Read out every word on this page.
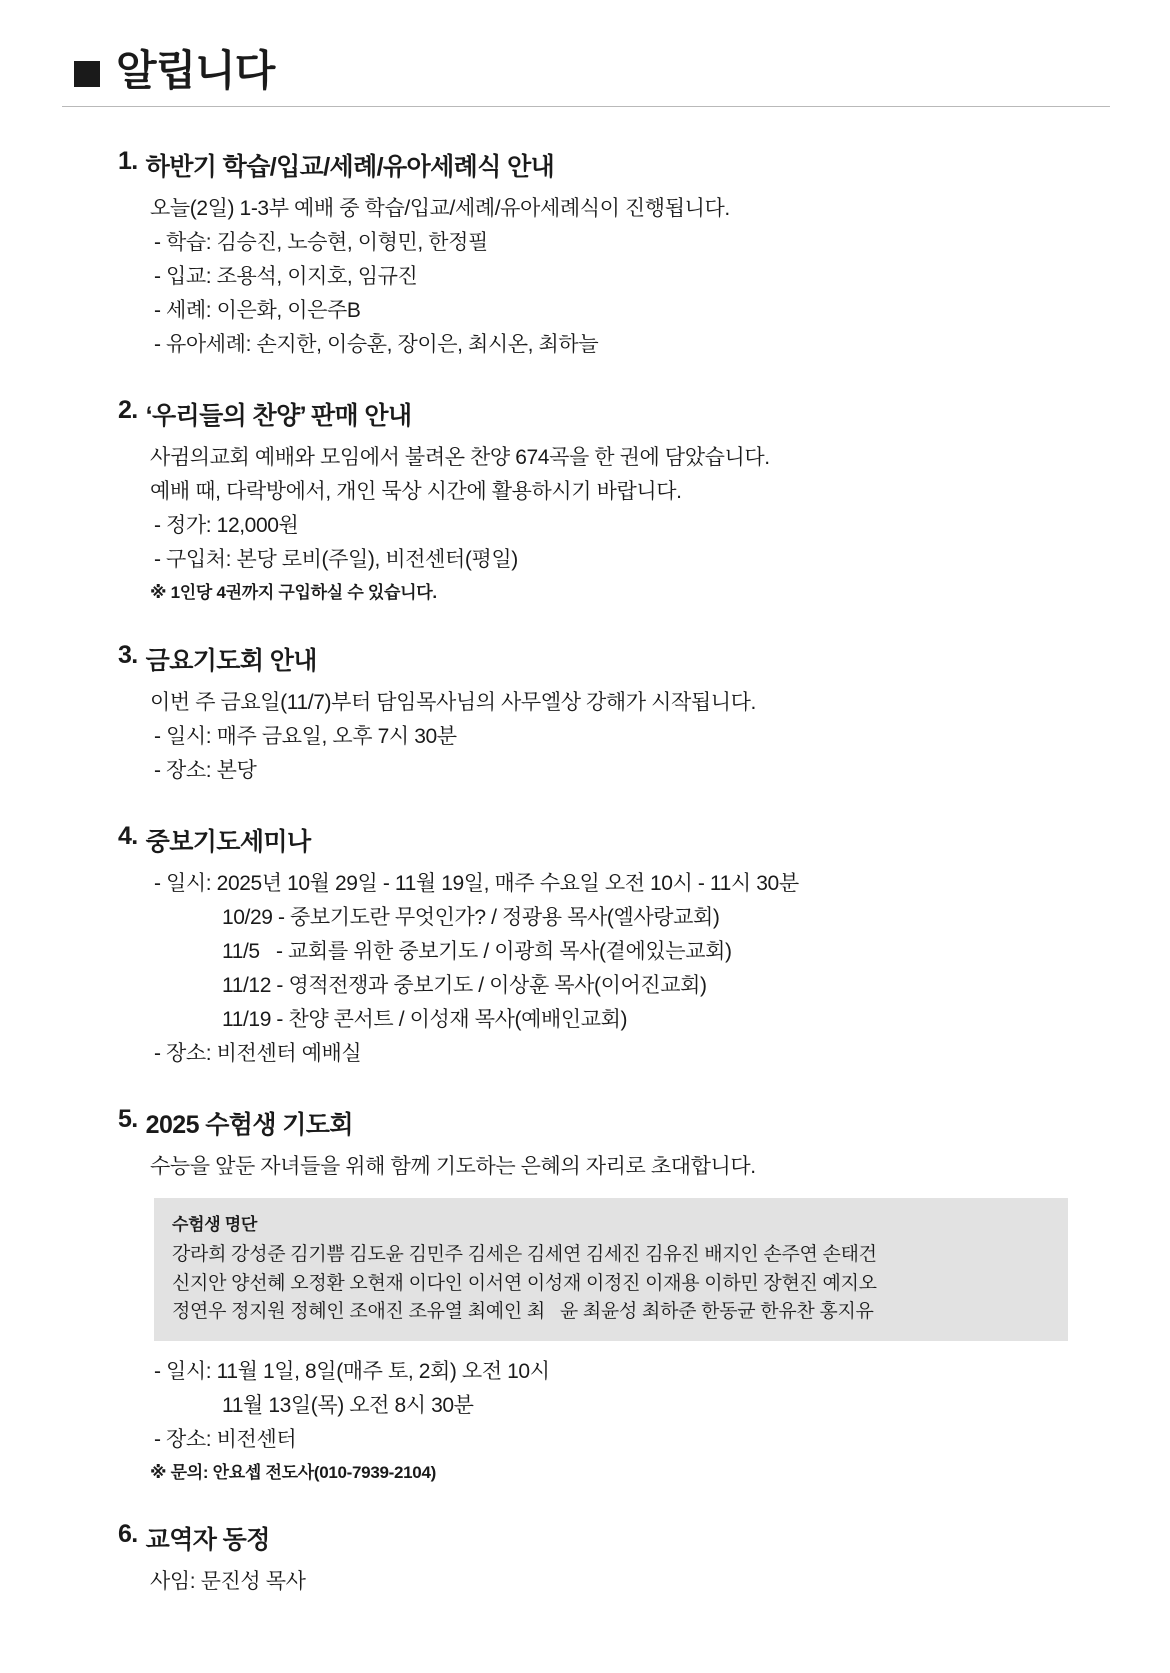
알립니다
1. 하반기 학습/입교/세례/유아세례식 안내
오늘(2일) 1-3부 예배 중 학습/입교/세례/유아세례식이 진행됩니다.
- 학습: 김승진, 노승현, 이형민, 한정필
- 입교: 조용석, 이지호, 임규진
- 세례: 이은화, 이은주B
- 유아세례: 손지한, 이승훈, 장이은, 최시온, 최하늘
2. ‘우리들의 찬양’ 판매 안내
사귐의교회 예배와 모임에서 불려온 찬양 674곡을 한 권에 담았습니다.
예배 때, 다락방에서, 개인 묵상 시간에 활용하시기 바랍니다.
- 정가: 12,000원
- 구입처: 본당 로비(주일), 비전센터(평일)
※ 1인당 4권까지 구입하실 수 있습니다.
3. 금요기도회 안내
이번 주 금요일(11/7)부터 담임목사님의 사무엘상 강해가 시작됩니다.
- 일시: 매주 금요일, 오후 7시 30분
- 장소: 본당
4. 중보기도세미나
- 일시: 2025년 10월 29일 - 11월 19일, 매주 수요일 오전 10시 - 11시 30분
10/29 - 중보기도란 무엇인가? / 정광용 목사(엘사랑교회)
11/5   - 교회를 위한 중보기도 / 이광희 목사(곁에있는교회)
11/12 - 영적전쟁과 중보기도 / 이상훈 목사(이어진교회)
11/19 - 찬양 콘서트 / 이성재 목사(예배인교회)
- 장소: 비전센터 예배실
5. 2025 수험생 기도회
수능을 앞둔 자녀들을 위해 함께 기도하는 은혜의 자리로 초대합니다.
수험생 명단
강라희 강성준 김기쁨 김도윤 김민주 김세은 김세연 김세진 김유진 배지인 손주연 손태건
신지안 양선혜 오정환 오현재 이다인 이서연 이성재 이정진 이재용 이하민 장현진 예지오
정연우 정지원 정혜인 조애진 조유열 최예인 최   윤 최윤성 최하준 한동균 한유찬 홍지유
- 일시: 11월 1일, 8일(매주 토, 2회) 오전 10시
11월 13일(목) 오전 8시 30분
- 장소: 비전센터
※ 문의: 안요셉 전도사(010-7939-2104)
6. 교역자 동정
사임: 문진성 목사
